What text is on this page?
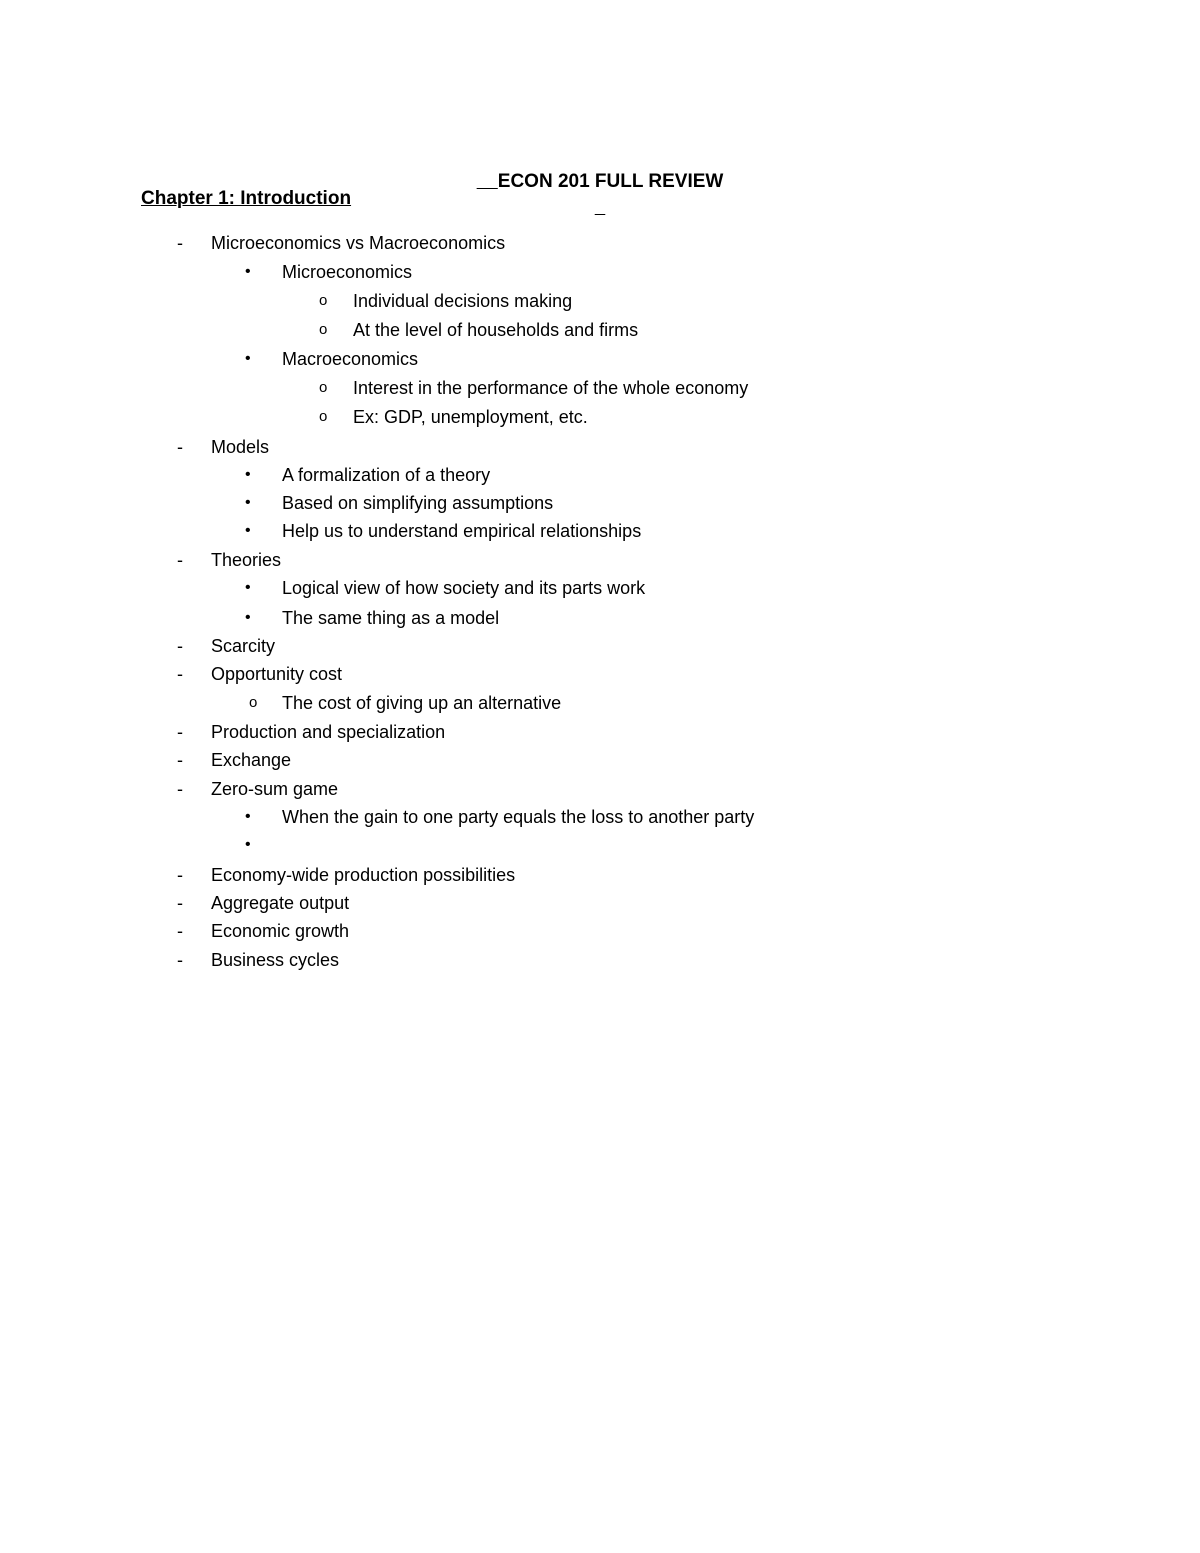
ECON 201 FULL REVIEW

Chapter 1: Introduction
- Microeconomics vs Macroeconomics
• Microeconomics
o Individual decisions making
o At the level of households and firms
• Macroeconomics
o Interest in the performance of the whole economy
o Ex: GDP, unemployment, etc.
- Models
• A formalization of a theory
• Based on simplifying assumptions
• Help us to understand empirical relationships
- Theories
• Logical view of how society and its parts work
• The same thing as a model
- Scarcity
- Opportunity cost
o The cost of giving up an alternative
- Production and specialization
- Exchange
- Zero-sum game
• When the gain to one party equals the loss to another party
•
- Economy-wide production possibilities
- Aggregate output
- Economic growth
- Business cycles
